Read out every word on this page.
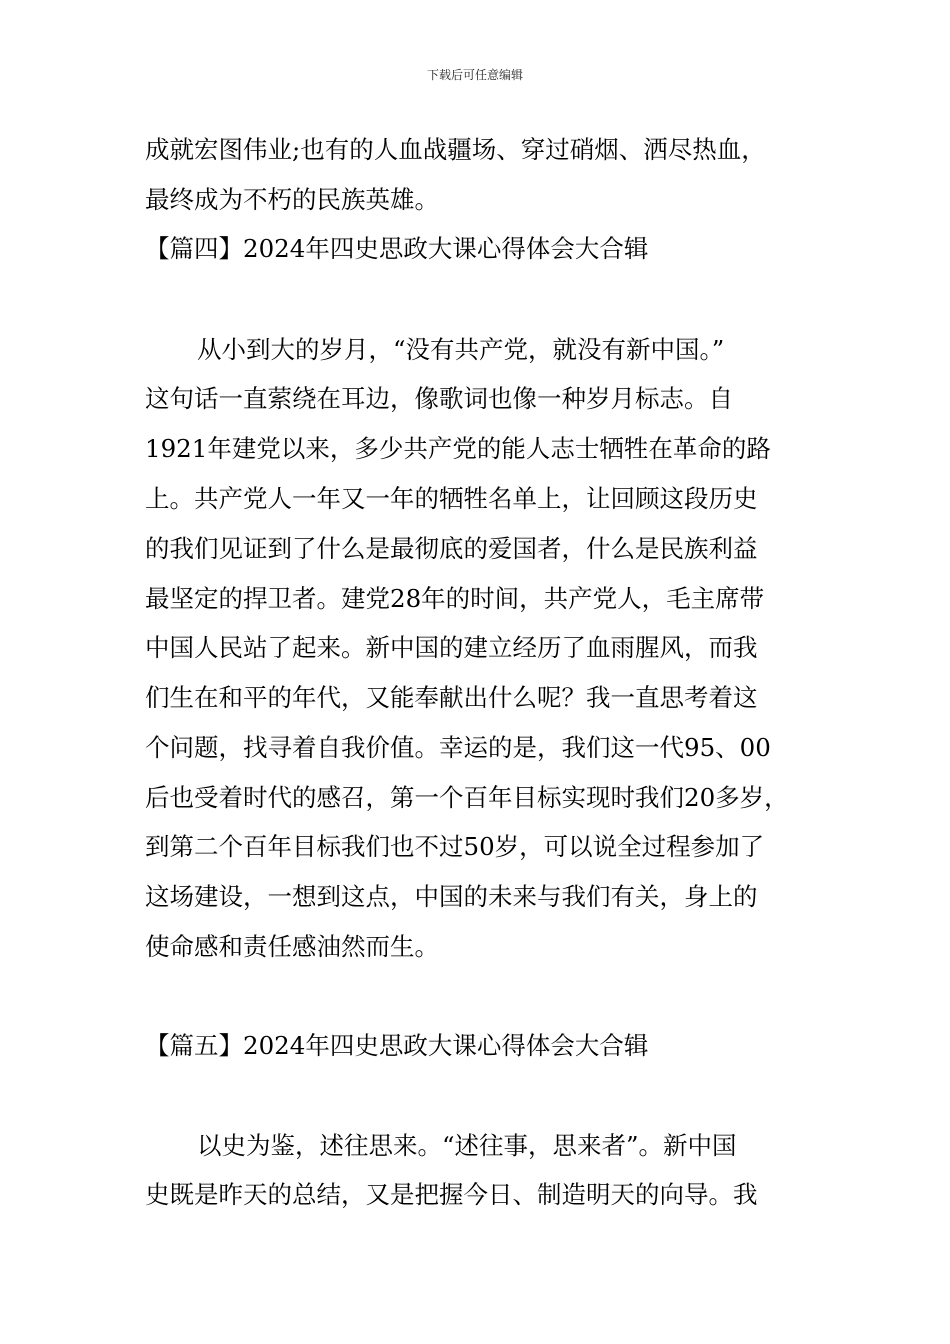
下载后可任意编辑
成就宏图伟业;也有的人血战疆场、穿过硝烟、洒尽热血，
最终成为不朽的民族英雄。
【篇四】2024年四史思政大课心得体会大合辑
从小到大的岁月，“没有共产党，就没有新中国。”
这句话一直萦绕在耳边，像歌词也像一种岁月标志。自
1921年建党以来，多少共产党的能人志士牺牲在革命的路
上。共产党人一年又一年的牺牲名单上，让回顾这段历史
的我们见证到了什么是最彻底的爱国者，什么是民族利益
最坚定的捍卫者。建党28年的时间，共产党人，毛主席带
中国人民站了起来。新中国的建立经历了血雨腥风，而我
们生在和平的年代，又能奉献出什么呢？我一直思考着这
个问题，找寻着自我价值。幸运的是，我们这一代95、00
后也受着时代的感召，第一个百年目标实现时我们20多岁，
到第二个百年目标我们也不过50岁，可以说全过程参加了
这场建设，一想到这点，中国的未来与我们有关，身上的
使命感和责任感油然而生。
【篇五】2024年四史思政大课心得体会大合辑
以史为鉴，述往思来。“述往事，思来者”。新中国
史既是昨天的总结，又是把握今日、制造明天的向导。我
